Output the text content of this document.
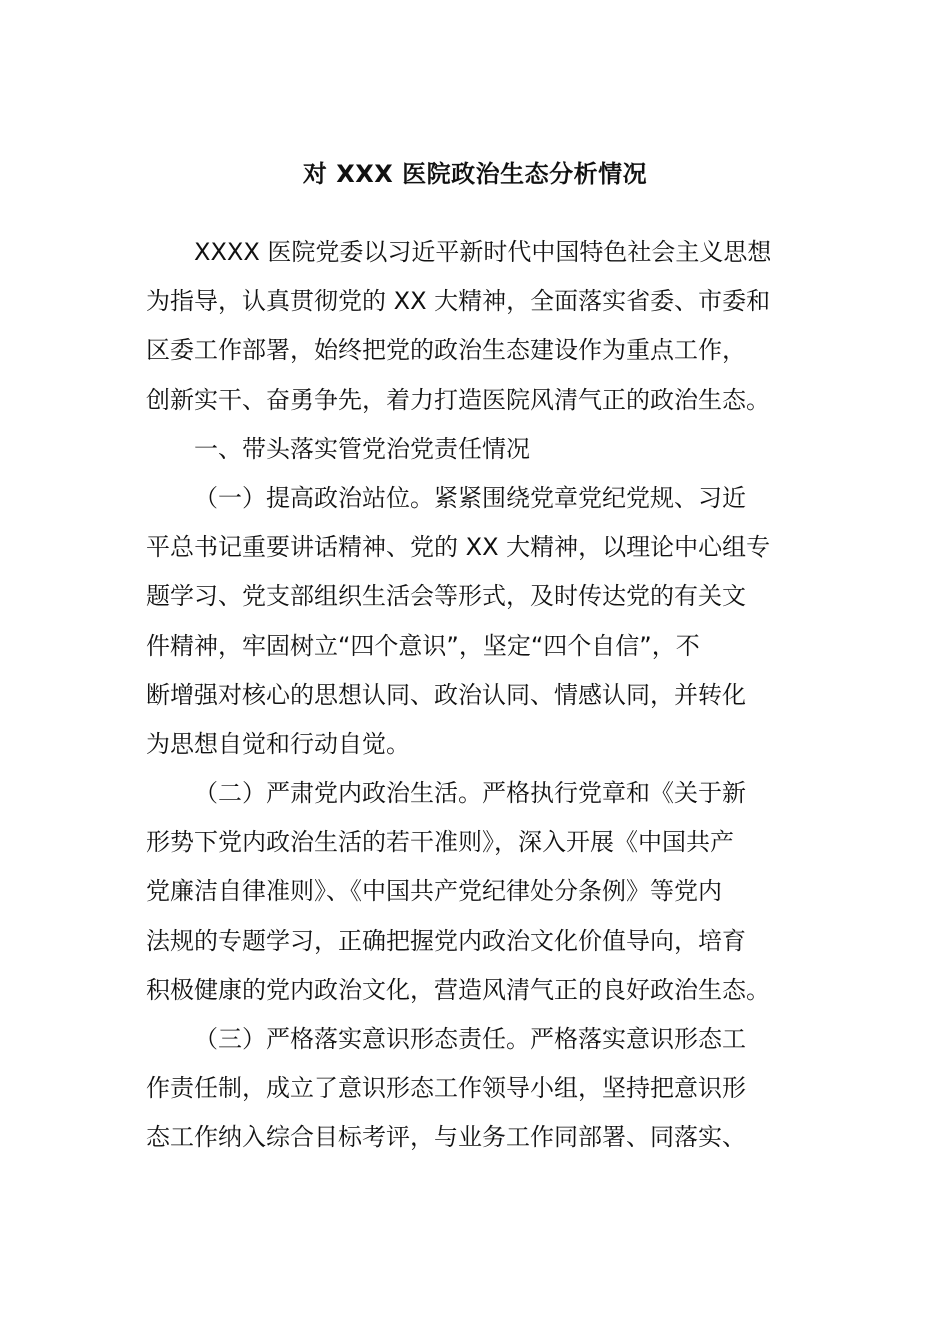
对 XXX 医院政治生态分析情况
XXXX 医院党委以习近平新时代中国特色社会主义思想
为指导，认真贯彻党的 XX 大精神，全面落实省委、市委和
区委工作部署，始终把党的政治生态建设作为重点工作，
创新实干、奋勇争先，着力打造医院风清气正的政治生态。
一、带头落实管党治党责任情况
（一）提高政治站位。紧紧围绕党章党纪党规、习近
平总书记重要讲话精神、党的 XX 大精神，以理论中心组专
题学习、党支部组织生活会等形式，及时传达党的有关文
件精神，牢固树立“四个意识”，坚定“四个自信”，不
断增强对核心的思想认同、政治认同、情感认同，并转化
为思想自觉和行动自觉。
（二）严肃党内政治生活。严格执行党章和《关于新
形势下党内政治生活的若干准则》，深入开展《中国共产
党廉洁自律准则》、《中国共产党纪律处分条例》等党内
法规的专题学习，正确把握党内政治文化价值导向，培育
积极健康的党内政治文化，营造风清气正的良好政治生态。
（三）严格落实意识形态责任。严格落实意识形态工
作责任制，成立了意识形态工作领导小组，坚持把意识形
态工作纳入综合目标考评，与业务工作同部署、同落实、
